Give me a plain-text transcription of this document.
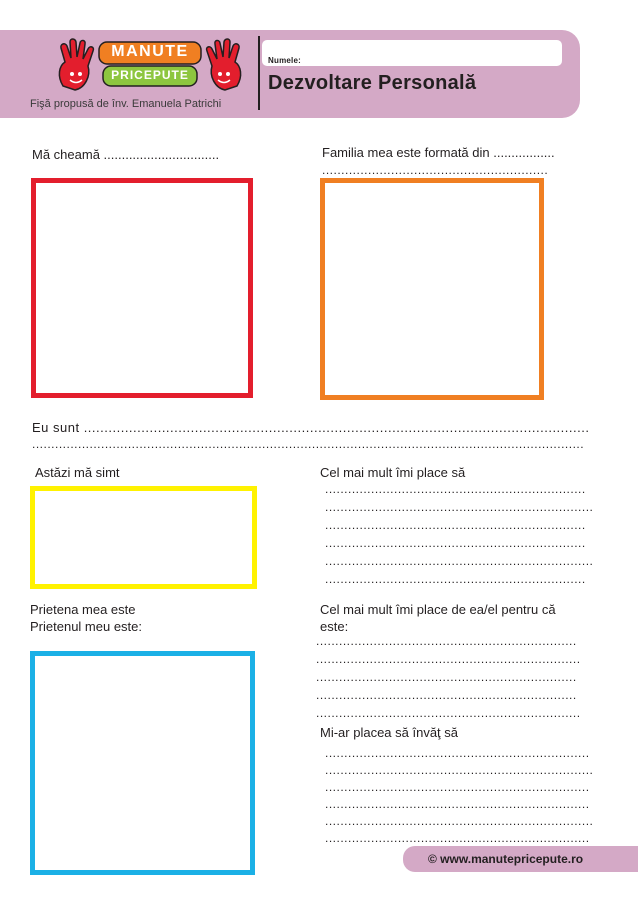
Numele:
Dezvoltare Personală
Fişă propusă de înv. Emanuela Patrichi
MANUTE
PRICEPUTE
Mă cheamă ................................	Familia mea este formată din .................
...........................................................
Eu sunt ...........................................................................................................................
................................................................................................................................................
Astăzi mă simt	Cel mai mult îmi place să
....................................................................
......................................................................
....................................................................
....................................................................
......................................................................
....................................................................
Prietena mea este
Prietenul meu este:
Cel mai mult îmi place de ea/el pentru că
este:
....................................................................
.....................................................................
....................................................................
....................................................................
.....................................................................
Mi-ar placea să învăţ să
.....................................................................
......................................................................
.....................................................................
.....................................................................
......................................................................
.....................................................................
© www.manutepricepute.ro
